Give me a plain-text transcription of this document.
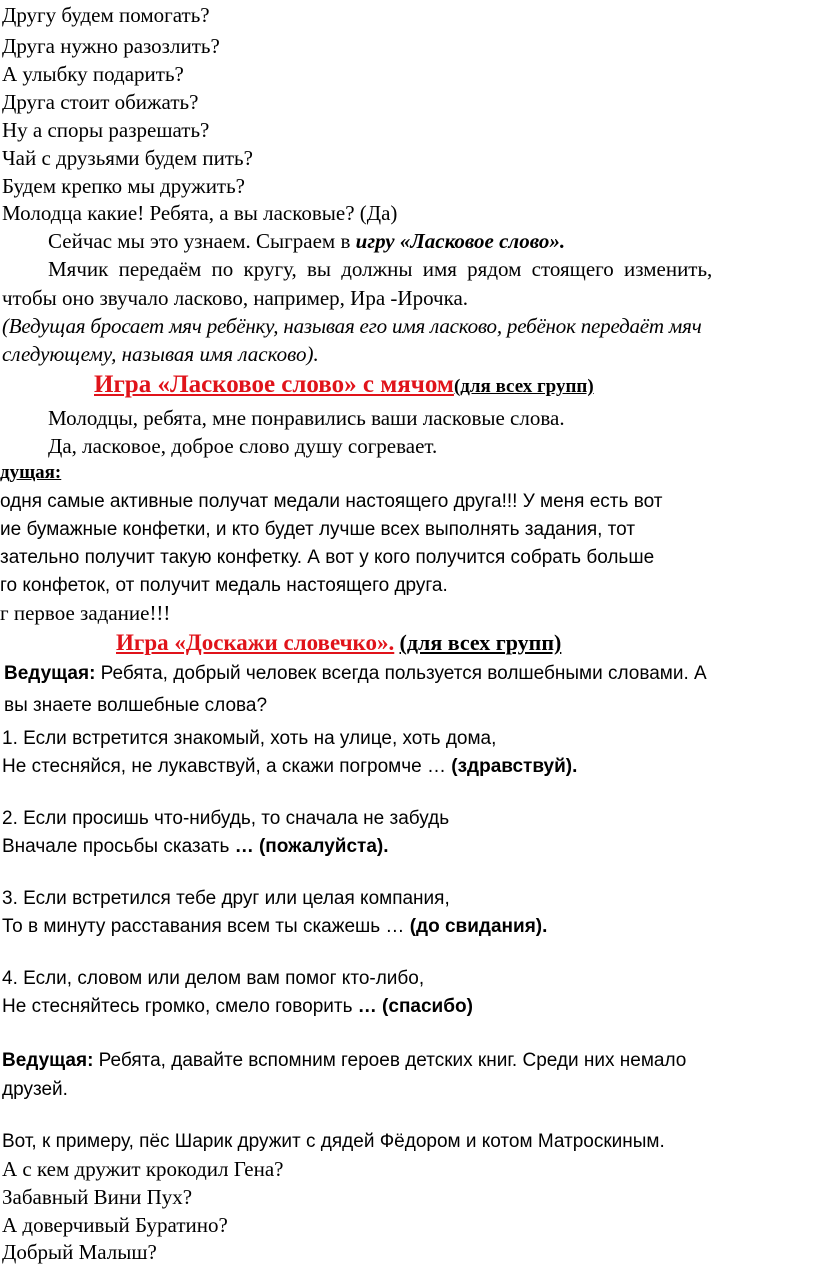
Другу будем помогать?
Друга нужно разозлить?
А улыбку подарить?
Друга стоит обижать?
Ну а споры разрешать?
Чай с друзьями будем пить?
Будем крепко мы дружить?
Молодца какие! Ребята, а вы ласковые? (Да)
Сейчас мы это узнаем. Сыграем в игру «Ласковое слово».
Мячик передаём по кругу, вы должны имя рядом стоящего изменить,
чтобы оно звучало ласково, например, Ира -Ирочка.
(Ведущая бросает мяч ребёнку, называя его имя ласково, ребёнок передаёт мяч
следующему, называя имя ласково).
Игра «Ласковое слово» с мячом(для всех групп)
Молодцы, ребята, мне понравились ваши ласковые слова.
Да, ласковое, доброе слово душу согревает.
дущая:
одня самые активные получат медали настоящего друга!!! У меня есть вот
ие бумажные конфетки, и кто будет лучше всех выполнять задания, тот
зательно получит такую конфетку. А вот у кого получится собрать больше
го конфеток, от получит медаль настоящего друга.
г первое задание!!!
Игра «Доскажи словечко». (для всех групп)
Ведущая: Ребята, добрый человек всегда пользуется волшебными словами. А
вы знаете волшебные слова?
1. Если встретится знакомый, хоть на улице, хоть дома,
Не стесняйся, не лукавствуй, а скажи погромче … (здравствуй).
2. Если просишь что-нибудь, то сначала не забудь
Вначале просьбы сказать … (пожалуйста).
3. Если встретился тебе друг или целая компания,
То в минуту расставания всем ты скажешь … (до свидания).
4. Если, словом или делом вам помог кто-либо,
Не стесняйтесь громко, смело говорить … (спасибо)
Ведущая: Ребята, давайте вспомним героев детских книг. Среди них немало
друзей.
Вот, к примеру, пёс Шарик дружит с дядей Фёдором и котом Матроскиным.
А с кем дружит крокодил Гена?
Забавный Вини Пух?
А доверчивый Буратино?
Добрый Малыш?
